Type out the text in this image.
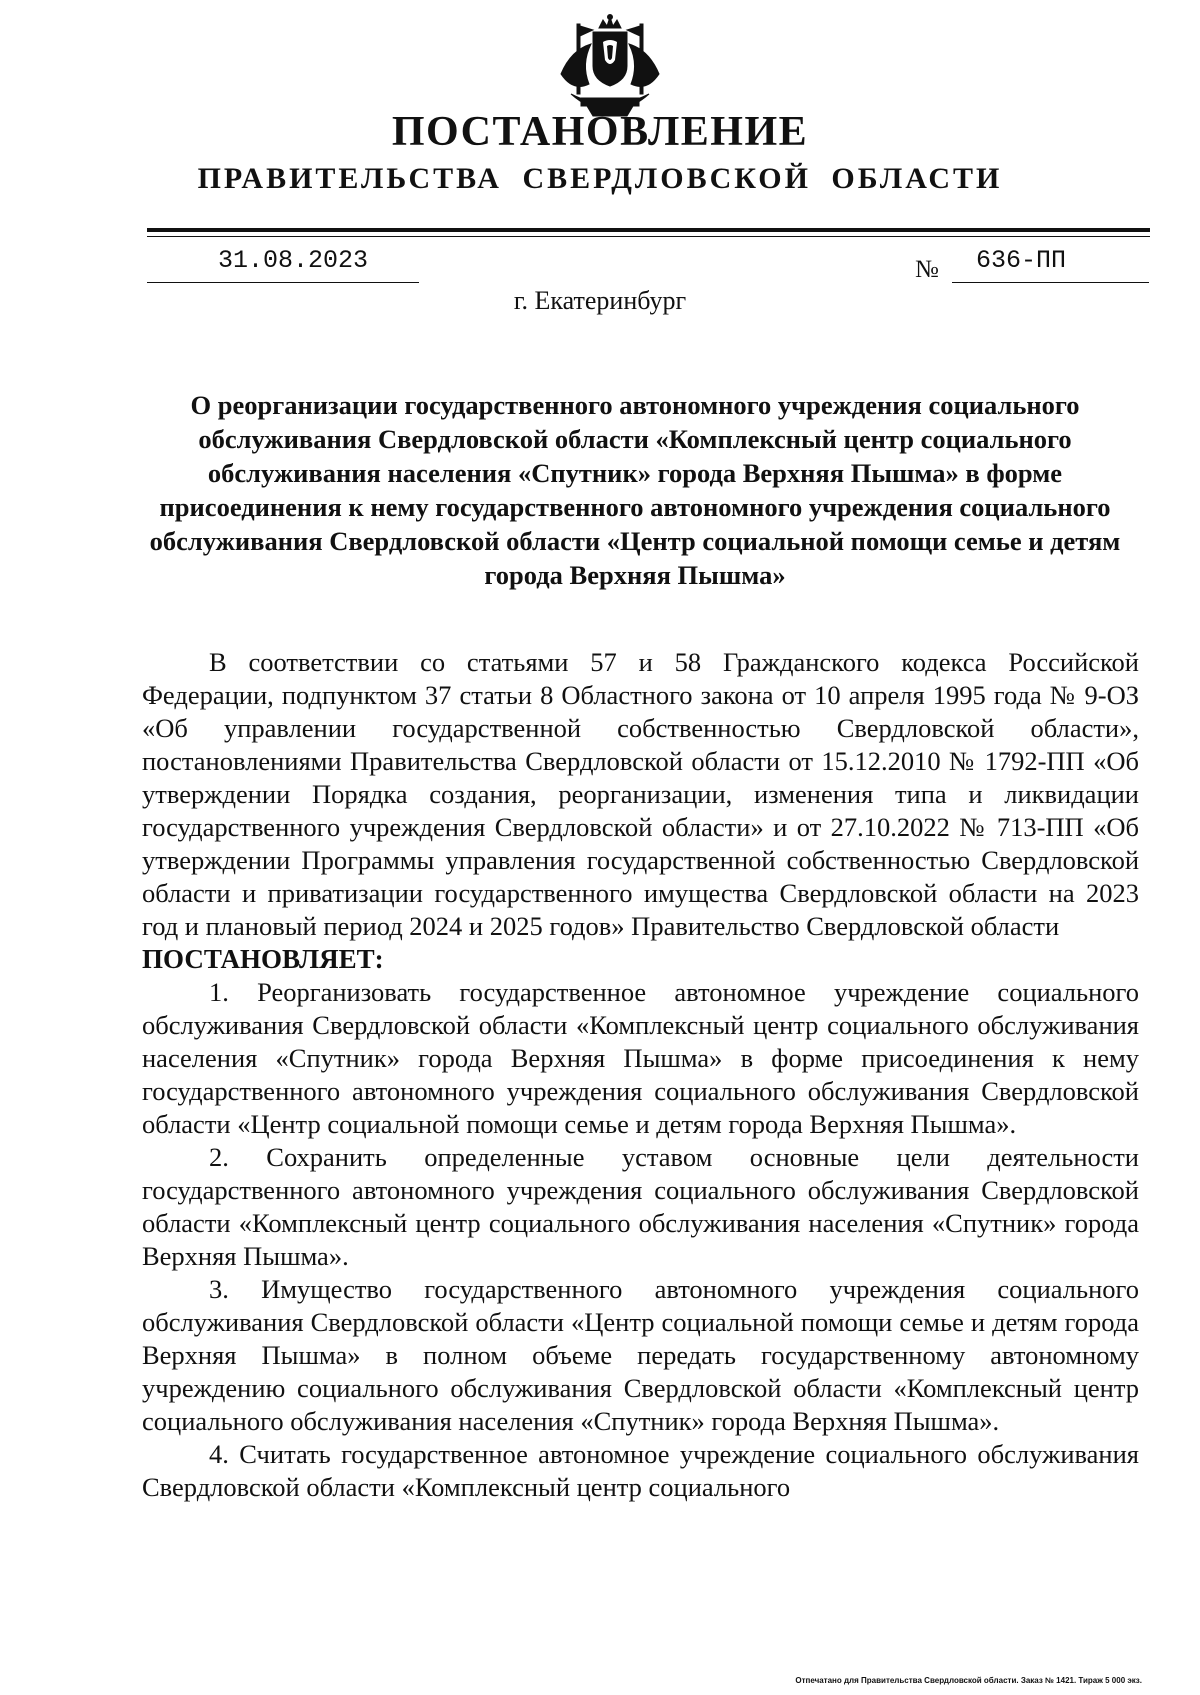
ПОСТАНОВЛЕНИЕ
ПРАВИТЕЛЬСТВА СВЕРДЛОВСКОЙ ОБЛАСТИ
31.08.2023	№ 636-ПП
г. Екатеринбург
О реорганизации государственного автономного учреждения социального обслуживания Свердловской области «Комплексный центр социального обслуживания населения «Спутник» города Верхняя Пышма» в форме присоединения к нему государственного автономного учреждения социального обслуживания Свердловской области «Центр социальной помощи семье и детям города Верхняя Пышма»

В соответствии со статьями 57 и 58 Гражданского кодекса Российской Федерации, подпунктом 37 статьи 8 Областного закона от 10 апреля 1995 года № 9-ОЗ «Об управлении государственной собственностью Свердловской области», постановлениями Правительства Свердловской области от 15.12.2010 № 1792-ПП «Об утверждении Порядка создания, реорганизации, изменения типа и ликвидации государственного учреждения Свердловской области» и от 27.10.2022 № 713-ПП «Об утверждении Программы управления государственной собственностью Свердловской области и приватизации государственного имущества Свердловской области на 2023 год и плановый период 2024 и 2025 годов» Правительство Свердловской области

ПОСТАНОВЛЯЕТ:

1. Реорганизовать государственное автономное учреждение социального обслуживания Свердловской области «Комплексный центр социального обслуживания населения «Спутник» города Верхняя Пышма» в форме присоединения к нему государственного автономного учреждения социального обслуживания Свердловской области «Центр социальной помощи семье и детям города Верхняя Пышма».

2. Сохранить определенные уставом основные цели деятельности государственного автономного учреждения социального обслуживания Свердловской области «Комплексный центр социального обслуживания населения «Спутник» города Верхняя Пышма».

3. Имущество государственного автономного учреждения социального обслуживания Свердловской области «Центр социальной помощи семье и детям города Верхняя Пышма» в полном объеме передать государственному автономному учреждению социального обслуживания Свердловской области «Комплексный центр социального обслуживания населения «Спутник» города Верхняя Пышма».

4. Считать государственное автономное учреждение социального обслуживания Свердловской области «Комплексный центр социального

Отпечатано для Правительства Свердловской области. Заказ № 1421. Тираж 5 000 экз.
